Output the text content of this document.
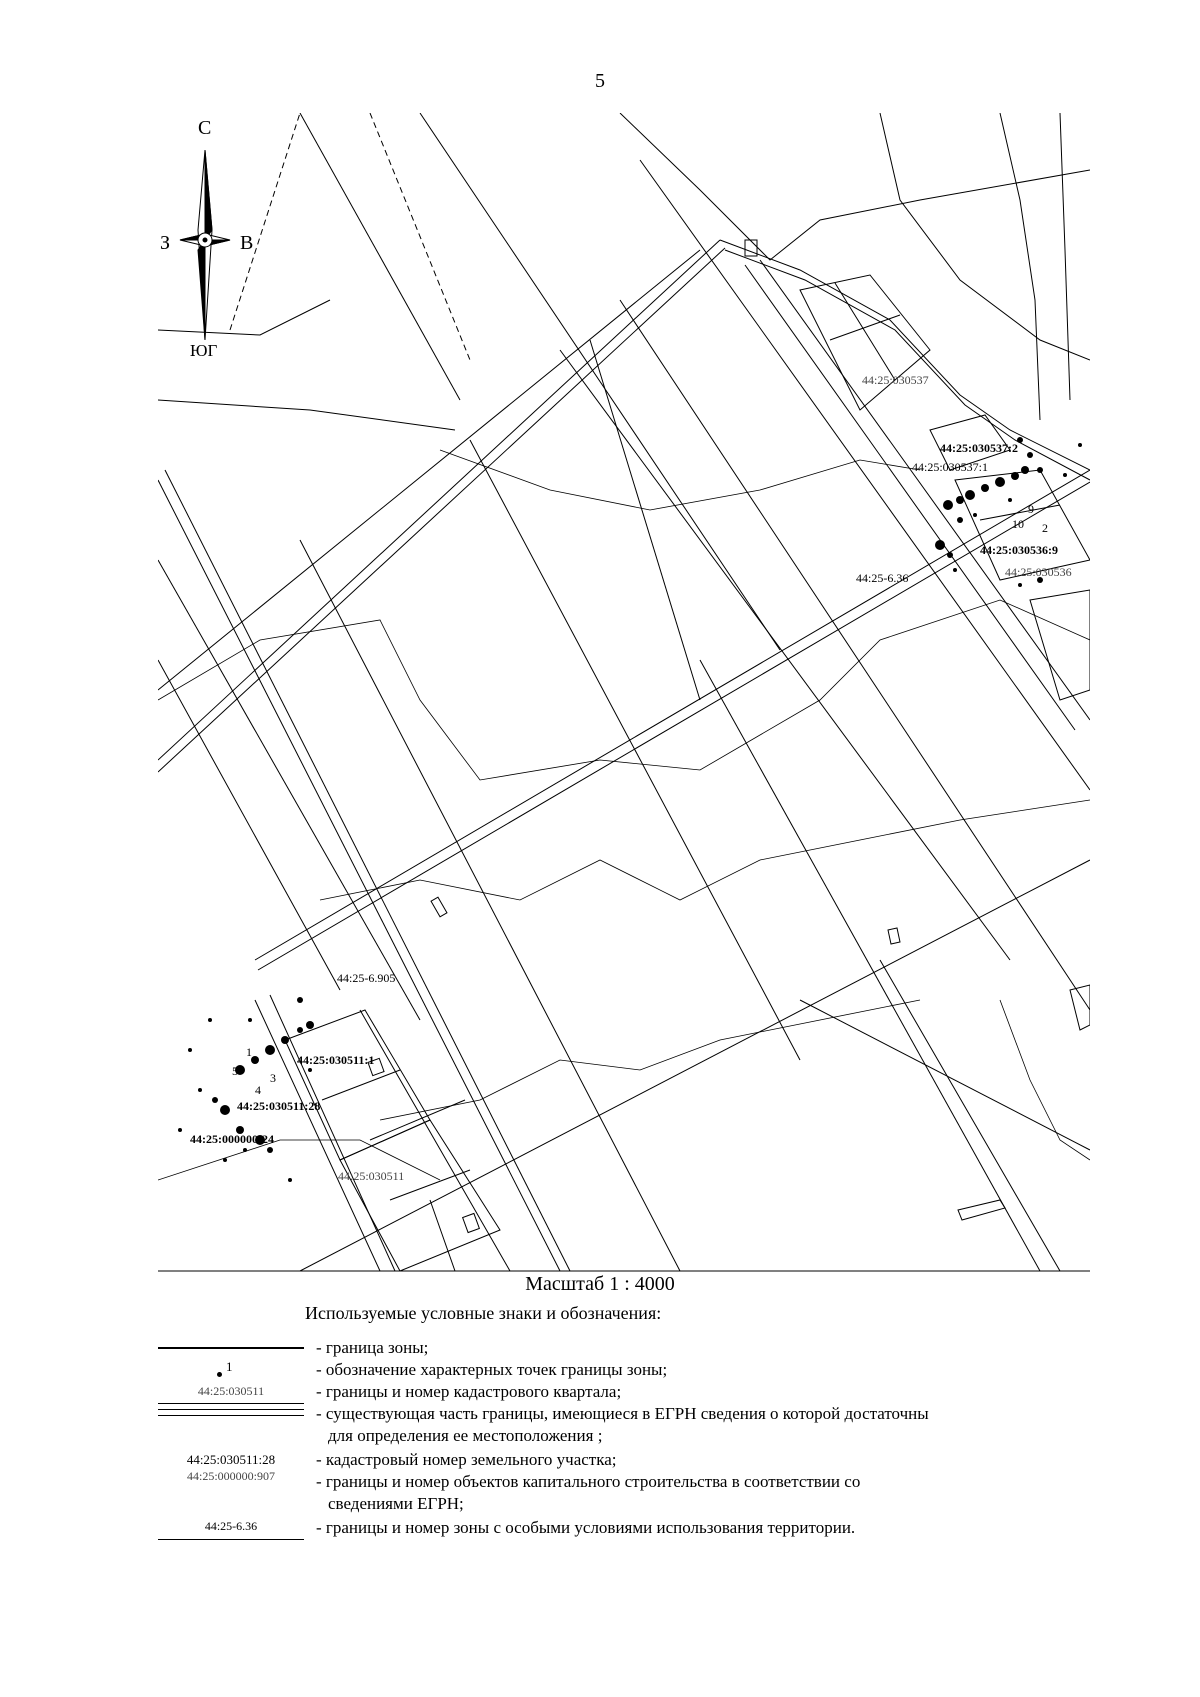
5
С
З	В
ЮГ
44:25:030537
44:25:030537:2
44:25:030537:1
10
9
2
44:25:030536:9
44:25:030536
44:25-6.36
44:25-6.905
44:25:030511:1
3
4
1
5
44:25:030511:28
44:25:000000:24
44:25:030511
Масштаб 1 : 4000
Используемые условные знаки и обозначения:
- граница зоны;
1	- обозначение характерных точек границы зоны;
44:25:030511	- границы и номер кадастрового квартала;
- существующая часть границы, имеющиеся в ЕГРН сведения о которой достаточны
для определения ее местоположения ;
44:25:030511:28	- кадастровый номер земельного участка;
44:25:000000:907	- границы и номер объектов капитального строительства в соответствии со
сведениями ЕГРН;
44:25-6.36	- границы и номер зоны с особыми условиями использования территории.
